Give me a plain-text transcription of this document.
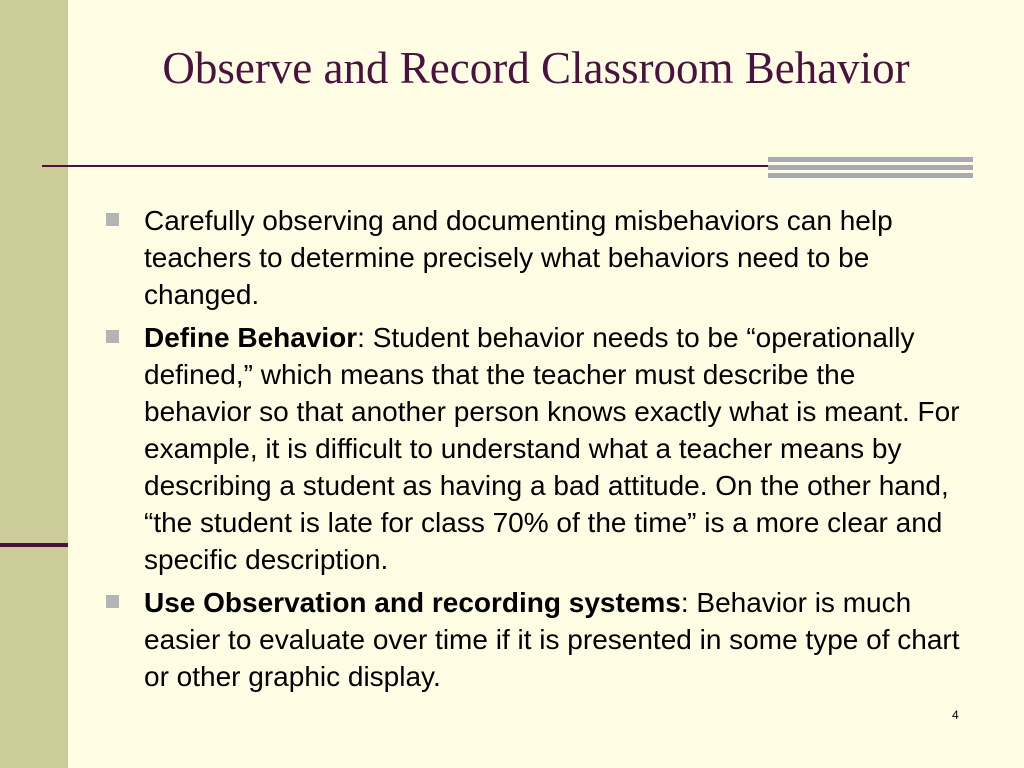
Observe and Record Classroom Behavior
Carefully observing and documenting misbehaviors can help teachers to determine precisely what behaviors need to be changed.
Define Behavior: Student behavior needs to be “operationally defined,” which means that the teacher must describe the behavior so that another person knows exactly what is meant. For example, it is difficult to understand what a teacher means by describing a student as having a bad attitude. On the other hand, “the student is late for class 70% of the time” is a more clear and specific description.
Use Observation and recording systems: Behavior is much easier to evaluate over time if it is presented in some type of chart or other graphic display.
4
